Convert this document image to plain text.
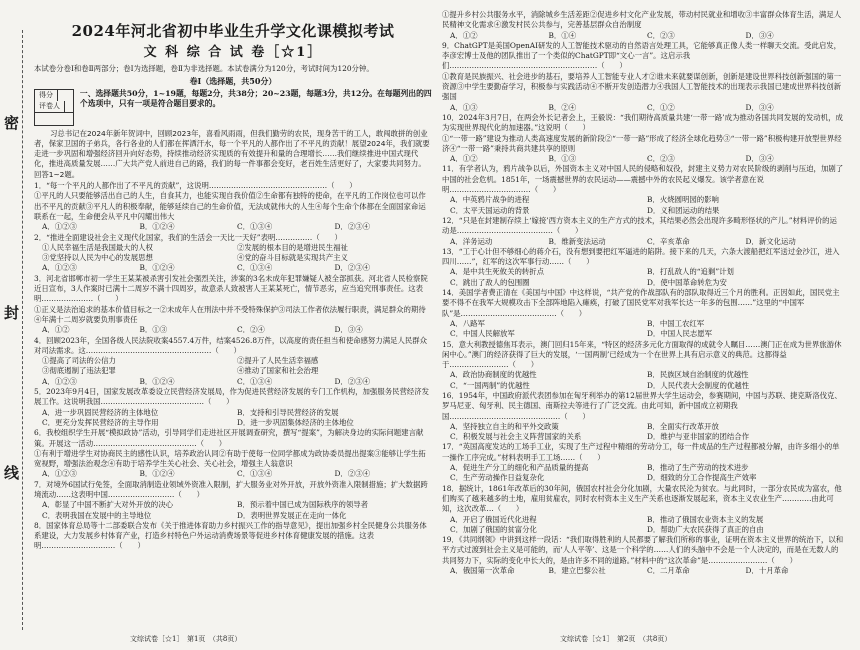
密
封
线
2024年河北省初中毕业生升学文化课模拟考试
文 科 综 合 试 卷［☆1］

本试卷分卷Ⅰ和卷Ⅱ两部分；卷Ⅰ为选择题，卷Ⅱ为非选择题。本试卷满分为120分，考试时间为120分钟。

卷Ⅰ（选择题，共50分）
得分评卷人
一、选择题共50分，1~19题，每题2分，共38分；20~23题，每题3分，共12分。在每题列出的四个选项中，只有一项是符合题目要求的。

习总书记在2024年新年贺词中，回顾2023年，喜看风雨雨，但我们勤劳的农民，现身苦干的工人，敢闯敢拼的创业者，保家卫国的子弟兵，各行各业的人们都在挥洒汗水，每一个平凡的人都作出了不平凡的贡献！展望2024年，我们就要走进一步巩固和增强经济回升向好态势，持续推动经济实现质的有效提升和量的合理增长……我们继续推进中国式现代化，推进高质量发展……广大共产党人前进自己的路，我们的每一件事都会变好，老百姓生活更好了，大家要共同努力。回答1~2题。

1．“每一个平凡的人都作出了不平凡的贡献”，这说明…………………………………………（　　）

①平凡的人只要能够活出自己的人生，自食其力，也能实现自我价值②生命都有独特的使命，在平凡的工作岗位也可以作出不平凡的贡献③平凡人的积极奉献，能够延续自己的生命价值，无法成就伟大的人生④每个生命个体都在全面国家命运联系在一起，生命便会从平凡中闪耀出伟大

A．①②③	B．①②④	C．①③④	D．②③④

2．“推进全面建设社会主义现代化国家，我们的生活会一天比一天好”表明……………（　　）

①人民幸福生活是我国最大的人权	②发展的根本目的是增进民生福祉
③党坚持以人民为中心的发展思想	④党的奋斗目标就是实现共产主义
A．①②③	B．①②④	C．①③④	D．②③④

3．河北省邯郸市初一学生王某某被杀害引发社会强烈关注，涉案的3名未成年犯罪嫌疑人被全部抓获。河北省人民检察院近日宣布，3人作案时已满十二周岁不满十四周岁，故意杀人致被害人王某某死亡，情节恶劣，应当追究刑事责任。这表明…………………（　　）

①正义是法治追求的基本价值目标之一②未成年人在刑法中并不受特殊保护③司法工作者依法履行职责，满足群众的期待④年满十二周岁就要负刑事责任

A．①②	B．①③	C．②④	D．③④

4．回顾2023年，全国各级人民法院收案4557.4万件，结案4526.8万件，以高度的责任担当和使命感努力满足人民群众对司法需求。这……………………………………………（　　）

①提高了司法的公信力	②提升了人民生活幸福感
③彻底遏制了违法犯罪	④推动了国家和社会治理
A．①②③	B．①②④	C．①③④	D．②③④

5．2023年9月4日，国家发展改革委设立民营经济发展局，作为促进民营经济发展的专门工作机构，加强服务民营经济发展工作。这说明我国……………………………………（　　）

A．进一步巩固民营经济的主体地位	B．支持和引导民营经济的发展
C．更充分发挥民营经济的主导作用	D．进一步巩固集体经济的主体地位

6．我校组织学生开展“模拟政协”活动，引导同学们走进社区开展调查研究，撰写“提案”，为解决身边的实际问题建言献策。开展这一活动……………………………………（　　）

①有利于增进学生对协商民主的感性认识，培养政治认同②有助于使每一位同学都成为政协委员提出提案③能够让学生拓宽视野，增强法治观念④有助于培养学生关心社会、关心社会，增强主人翁意识

A．①②③	B．①②④	C．①③④	D．②③④

7．对境外6国试行免签，全面取消制造业领域外资准入限制，扩大服务业对外开放，开放外资准入限制措施；扩大数据跨境流动……这表明中国………………………（　　）

A．彰显了中国不断扩大对外开放的决心	B．预示着中国已成为国际秩序的领导者
C．表明我国在发展中的主导地位	D．表明世界发展正在走向一体化

8．国家体育总局等十二部委联合发布《关于推进体育助力乡村振兴工作的指导意见》，提出加强乡村全民健身公共服务体系建设，大力发展乡村体育产业，打造乡村特色户外运动消费场景等促进乡村体育健康发展的措施。这表明…………………………（　　）

①提升乡村公共服务水平，消除城乡生活差距②促进乡村文化产业发展，带动村民就业和增收③丰富群众体育生活，满足人民精神文化需求④激发村民公共参与，完善基层群众自治制度

A．①②	B．①④	C．②③	D．③④

9．ChatGPT是美国OpenAI研发的人工智能技术驱动的自然语言处理工具，它能够真正像人类一样聊天交流。受此启发，李彦宏博士及他的团队推出了一个类似的ChatGPT即“文心一言”。这启示我们……………………………………………………（　　）

①教育是民族振兴、社会进步的基石，要培养人工智能专业人才②谁未来就要谋创新，创新是建设世界科技创新强国的第一资源③中学生要勤奋学习，积极参与实践活动④不断开发创造潜力④我国人工智能技术的出现表示我国已建成世界科技创新强国

A．①③	B．②④	C．①②	D．③④

10．2024年3月7日，在两会外长记者会上，王毅说：“我们期待高质量共建‘一带一路’成为推动各国共同发展的发动机，成为实现世界现代化的加速器。”这说明（　　）

①“一带一路”建设为推动人类高速度发展的新阶段②“一带一路”形成了经济全球化趋势③“一带一路”积极构建开放型世界经济④“一带一路”秉持共商共建共享的原则

A．①②	B．①③	C．②③	D．③④

11．有学者认为，鸦片战争以后，外国资本主义对中国人民的侵略和奴役，封建主义势力对农民阶级的剥削与压迫，加剧了中国的社会危机。1851年，一场震撼世界的农民运动——震撼中外的农民起义爆发。该学者意在说明……………………………（　　）

A．中英鸦片战争的进程	B．火烧圆明园的影响
C．太平天国运动的背景	D．义和团运动的结果

12．“只是在封建制存续上‘嫁接’西方资本主义的生产方式的技术，其结果必然会出现许多畸形怪状的产儿。”材料评价的运动是…………………………………（　　）

A．洋务运动	B．维新变法运动	C．辛亥革命	D．新文化运动

13．“工于心计但不够细心的蒋介石，没有想到要把红军逼进的陷阱。接下来的几天，六条大渡船把红军送过金沙江，进入四川……”，红军的这次军事行动……（　　）

A．是中共生死攸关的转折点	B．打乱敌人的“追剿”计划
C．跳出了敌人的包围圈	D．使中国革命转危为安

14．美国学者费正清在《美国与中国》中这样说，“共产党的作战部队有的部队取得近三个月的胜利。正因如此，国民党主要不得不在我军大规模攻击下全部阵地陷入瘫痪，打破了国民党军对我军长达一年多的包围……”这里的“中国军队”是…………………………………（　　）

A．八路军	B．中国工农红军
C．中国人民解放军	D．中国人民志愿军

15．意大利教授德焦耳表示，澳门回归15年来，“特区的经济多元化方面取得的成就令人瞩目……澳门正在成为世界旅游休闲中心。”澳门的经济获得了巨大的发展，‘一国两制’已经成为一个在世界上具有启示意义的典范。这都得益于……………………（　　）

A．政治协商制度的优越性	B．民族区域自治制度的优越性
C．“一国两制”的优越性	D．人民代表大会制度的优越性

16．1954年，中国政府派代表团参加在匈牙利举办的第12届世界大学生运动会，参赛期间，中国与苏联、捷克斯洛伐克、罗马尼亚、匈牙利、民主德国、南斯拉夫等进行了广泛交流。由此可知，新中国成立初期我国………………………………………（　　）

A．坚持独立自主的和平外交政策	B．全面实行改革开放
C．积极发展与社会主义阵营国家的关系	D．维护与亚非国家的团结合作

17．“英国高度发达的工场手工业，实现了生产过程中精细的劳动分工，每一件成品的生产过程都被分解，由许多细小的单一操作工序完成。”材料表明手工工场……（　　）

A．促进生产分工的细化和产品质量的提高	B．推动了生产劳动的技术进步
C．生产劳动操作日益复杂化	D．细致的分工合作提高生产效率

18．据统计，1861年改革后的30年间，俄国农村社会分化加剧，大量农民沦为贫农。与此同时，一部分农民成为富农，他们购买了越来越多的土地，雇用贫雇农，同时农村资本主义生产关系也逐渐发展起来，资本主义农业生产…………由此可知，这次改革…（　　）

A．开启了俄国近代化进程	B．推动了俄国农业资本主义的发展
C．加剧了俄国的贫富分化	D．帮助广大农民获得了真正的自由

19．《共同纲领》中讲到这样一段话：“我们取得胜利的人民都要了解我们所称的事业，证明在资本主义世界的统治下，以和平方式过渡到社会主义是可能的，而‘人人平等’、这是一个科学的……人们的头脑中不会是一个人决定的，而是在无数人的共同努力下，实际的变化中长大的，是由许多不同的道路。”材料中的“这次革命”是……………………（　　）

A．俄国第一次革命	B．建立巴黎公社	C．二月革命	D．十月革命
文综试卷［☆1］　第1页　（共8页）	文综试卷［☆1］　第2页　（共8页）
